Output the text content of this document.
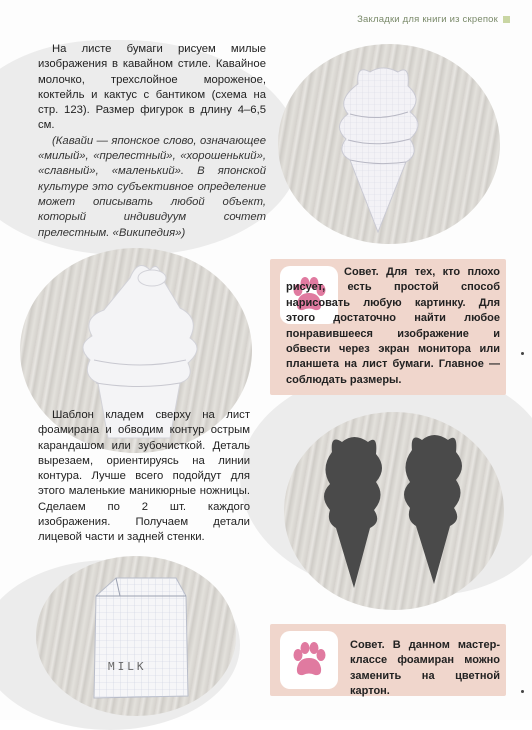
Закладки для книги из скрепок

На листе бумаги рисуем милые изображения в кавайном стиле. Кавайное молочко, трехслойное мороженое, коктейль и кактус с бантиком (схема на стр. 123). Размер фигурок в длину 4–6,5 см.

(Кавайи — японское слово, означающее «милый», «прелестный», «хорошенький», «славный», «маленький». В японской культуре это субъективное определение может описывать любой объект, который индивидуум сочтет прелестным. «Википедия»)

Совет. Для тех, кто плохо рисует, есть простой способ нарисовать любую картинку. Для этого достаточно найти любое понравившееся изображение и обвести через экран монитора или планшета на лист бумаги. Главное — соблюдать размеры.

Шаблон кладем сверху на лист фоамирана и обводим контур острым карандашом или зубочисткой. Деталь вырезаем, ориентируясь на линии контура. Лучше всего подойдут для этого маленькие маникюрные ножницы. Сделаем по 2 шт. каждого изображения. Получаем детали лицевой части и задней стенки.

MILK
Совет. В данном мастер-классе фоамиран можно заменить на цветной картон.
